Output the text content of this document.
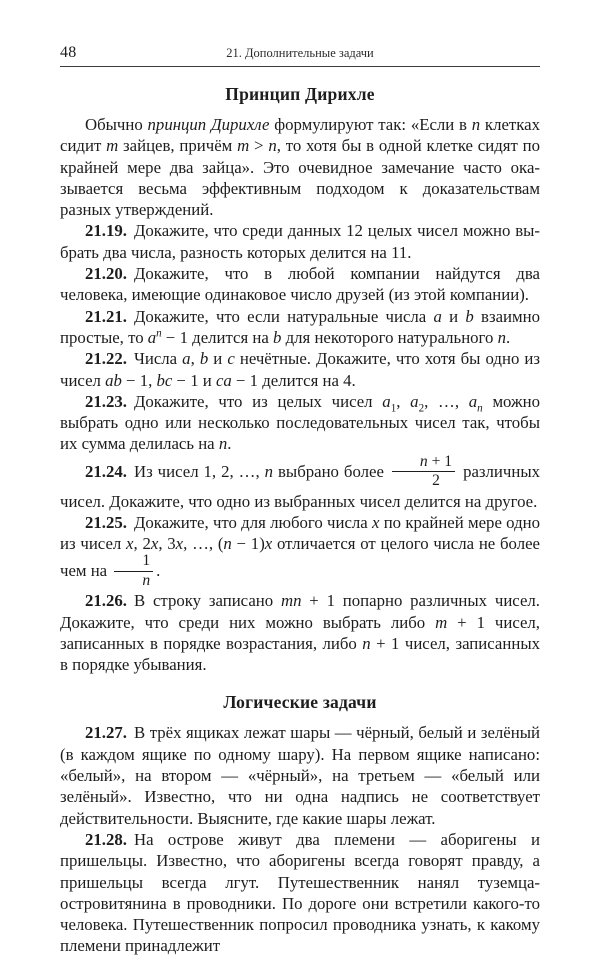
48	21. Дополнительные задачи
Принцип Дирихле

Обычно принцип Дирихле формулируют так: «Если в n клетках сидит m зайцев, причём m > n, то хотя бы в одной клетке сидят по крайней мере два зайца». Это очевидное замечание часто оказывается весьма эффективным подходом к доказательствам разных утверждений.

21.19. Докажите, что среди данных 12 целых чисел можно выбрать два числа, разность которых делится на 11.

21.20. Докажите, что в любой компании найдутся два человека, имеющие одинаковое число друзей (из этой компании).

21.21. Докажите, что если натуральные числа a и b взаимно простые, то $a^n - 1$ делится на b для некоторого натурального n.

21.22. Числа a, b и c нечётные. Докажите, что хотя бы одно из чисел ab − 1, bc − 1 и ca − 1 делится на 4.

21.23. Докажите, что из целых чисел $a_1$, $a_2$, …, $a_n$ можно выбрать одно или несколько последовательных чисел так, чтобы их сумма делилась на n.

21.24. Из чисел 1, 2, …, n выбрано более $\frac{n + 1}{2}$ различных чисел. Докажите, что одно из выбранных чисел делится на другое.

21.25. Докажите, что для любого числа x по крайней мере одно из чисел x, 2x, 3x, …, (n − 1)x отличается от целого числа не более чем на $\frac{1}{n}$ .

21.26. В строку записано mn + 1 попарно различных чисел. Докажите, что среди них можно выбрать либо m + 1 чисел, записанных в порядке возрастания, либо n + 1 чисел, записанных в порядке убывания.

Логические задачи

21.27. В трёх ящиках лежат шары — чёрный, белый и зелёный (в каждом ящике по одному шару). На первом ящике написано: «белый», на втором — «чёрный», на третьем — «белый или зелёный». Известно, что ни одна надпись не соответствует действительности. Выясните, где какие шары лежат.

21.28. На острове живут два племени — аборигены и пришельцы. Известно, что аборигены всегда говорят правду, а пришельцы всегда лгут. Путешественник нанял туземца-островитянина в проводники. По дороге они встретили какого-то человека. Путешественник попросил проводника узнать, к какому племени принадлежит
